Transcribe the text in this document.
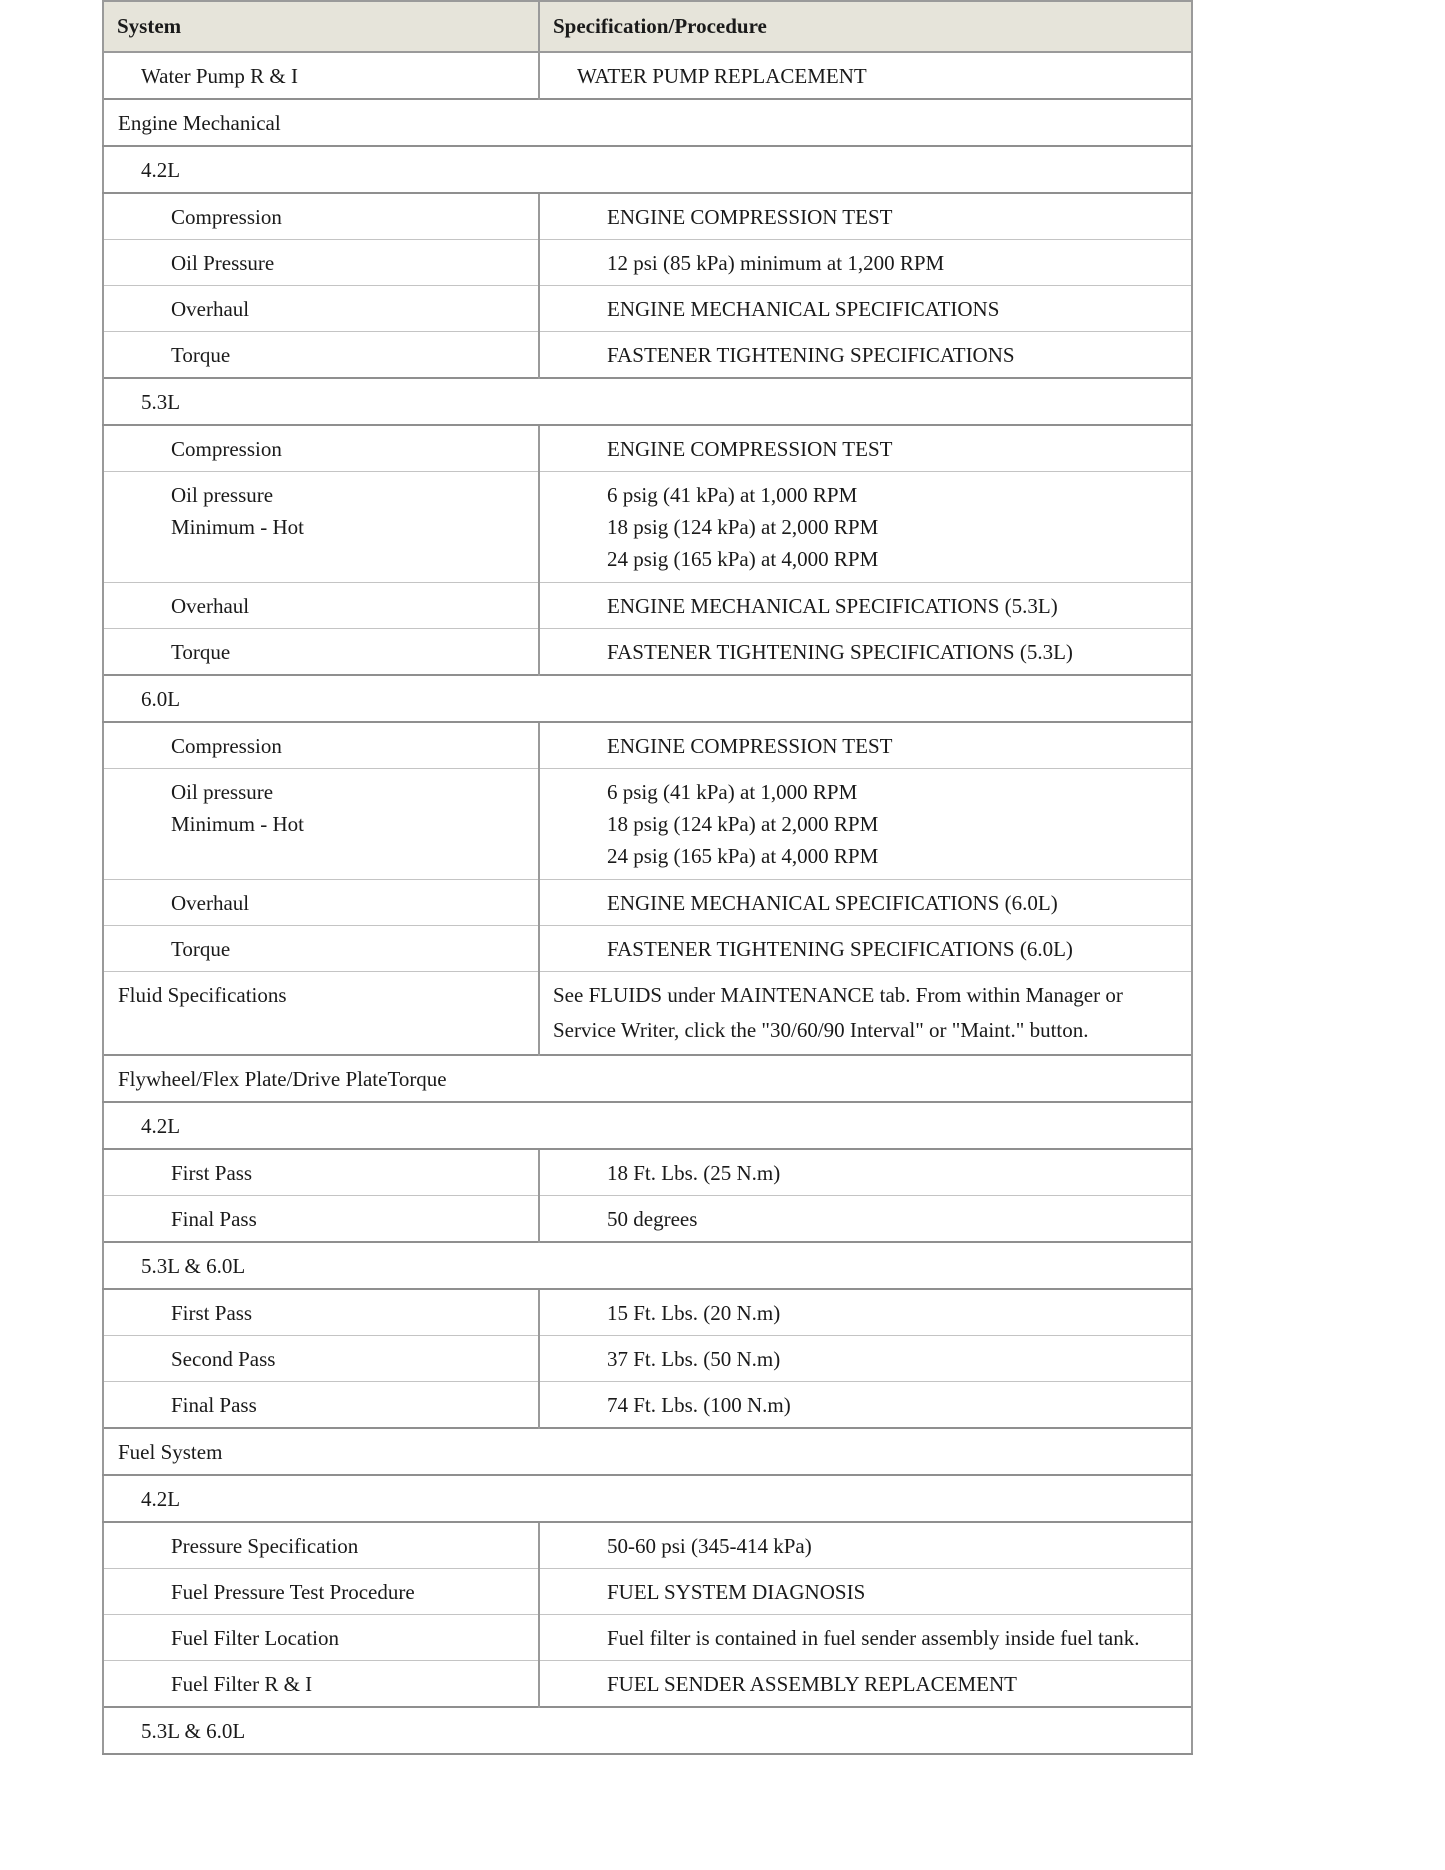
System	Specification/Procedure
Water Pump R & I	WATER PUMP REPLACEMENT
Engine Mechanical	
4.2L	
Compression	ENGINE COMPRESSION TEST
Oil Pressure	12 psi (85 kPa) minimum at 1,200 RPM
Overhaul	ENGINE MECHANICAL SPECIFICATIONS
Torque	FASTENER TIGHTENING SPECIFICATIONS
5.3L	
Compression	ENGINE COMPRESSION TEST

Oil pressure
Minimum - Hot	6 psig (41 kPa) at 1,000 RPM
18 psig (124 kPa) at 2,000 RPM
24 psig (165 kPa) at 4,000 RPM

Overhaul	ENGINE MECHANICAL SPECIFICATIONS (5.3L)
Torque	FASTENER TIGHTENING SPECIFICATIONS (5.3L)
6.0L	
Compression	ENGINE COMPRESSION TEST

Oil pressure
Minimum - Hot	6 psig (41 kPa) at 1,000 RPM
18 psig (124 kPa) at 2,000 RPM
24 psig (165 kPa) at 4,000 RPM

Overhaul	ENGINE MECHANICAL SPECIFICATIONS (6.0L)
Torque	FASTENER TIGHTENING SPECIFICATIONS (6.0L)

Fluid Specifications	See FLUIDS under MAINTENANCE tab. From within Manager or
Service Writer, click the "30/60/90 Interval" or "Maint." button.

Flywheel/Flex Plate/Drive PlateTorque	
4.2L	
First Pass	18 Ft. Lbs. (25 N.m)
Final Pass	50 degrees
5.3L & 6.0L	
First Pass	15 Ft. Lbs. (20 N.m)
Second Pass	37 Ft. Lbs. (50 N.m)
Final Pass	74 Ft. Lbs. (100 N.m)
Fuel System	
4.2L	
Pressure Specification	50-60 psi (345-414 kPa)
Fuel Pressure Test Procedure	FUEL SYSTEM DIAGNOSIS
Fuel Filter Location	Fuel filter is contained in fuel sender assembly inside fuel tank.
Fuel Filter R & I	FUEL SENDER ASSEMBLY REPLACEMENT
5.3L & 6.0L	
